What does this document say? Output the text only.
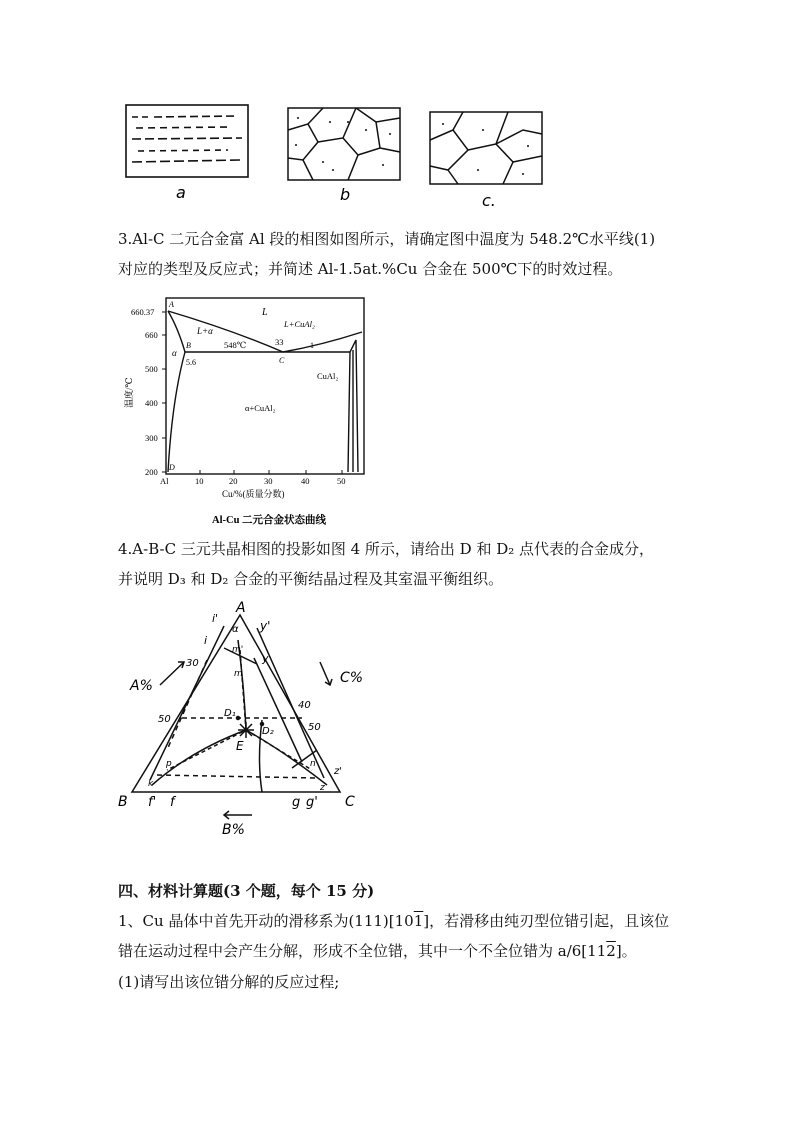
a	b	c.
3.Al-C 二元合金富 Al 段的相图如图所示，请确定图中温度为 548.2℃水平线(1)
对应的类型及反应式；并简述 Al-1.5at.%Cu 合金在 500℃下的时效过程。
660.37
660
500
400
300
200
温度/℃
Al	10	20	30	40	50
Cu/%(质量分数)
A
L
L+α
L+CuAl₂
548℃	33	1
α
B
5.6	C
CuAl₂
α+CuAl₂
D
Al-Cu 二元合金状态曲线
4.A-B-C 三元共晶相图的投影如图 4 所示，请给出 D 和 D₂ 点代表的合金成分，
并说明 D₃ 和 D₂ 合金的平衡结晶过程及其室温平衡组织。
A
B	C
A%	C%
B%
30
50
40
50
E
D₁
D₂
y'
y
i'
i
α
m'
m
p
k
n
z
z'
f' f	g g'
四、材料计算题(3 个题，每个 15 分)
1、Cu 晶体中首先开动的滑移系为(111)[101]，若滑移由纯刃型位错引起，且该位
错在运动过程中会产生分解，形成不全位错，其中一个不全位错为 a/6[112]。
(1)请写出该位错分解的反应过程;
